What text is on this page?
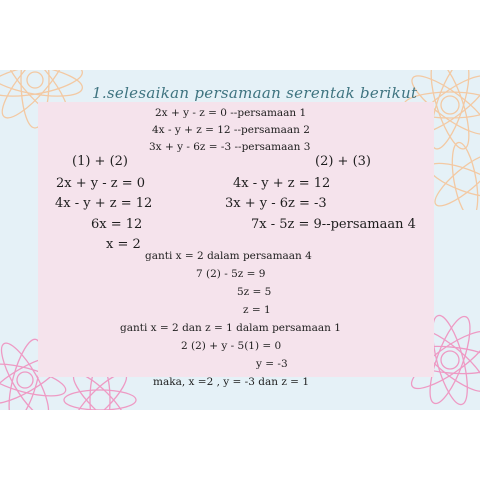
1.selesaikan persamaan serentak berikut
2x + y - z = 0 --persamaan 1
4x - y + z = 12 --persamaan 2
3x + y - 6z = -3 --persamaan 3
(1) + (2)
2x + y - z = 0
4x - y + z = 12
6x = 12
x = 2
(2) + (3)
4x - y + z = 12
3x + y - 6z = -3
7x - 5z = 9--persamaan 4
ganti x = 2 dalam persamaan 4
7 (2) - 5z = 9
5z = 5
z = 1
ganti x = 2 dan z = 1 dalam persamaan 1
2 (2) + y - 5(1) = 0
y = -3
maka, x =2 , y = -3 dan z = 1
